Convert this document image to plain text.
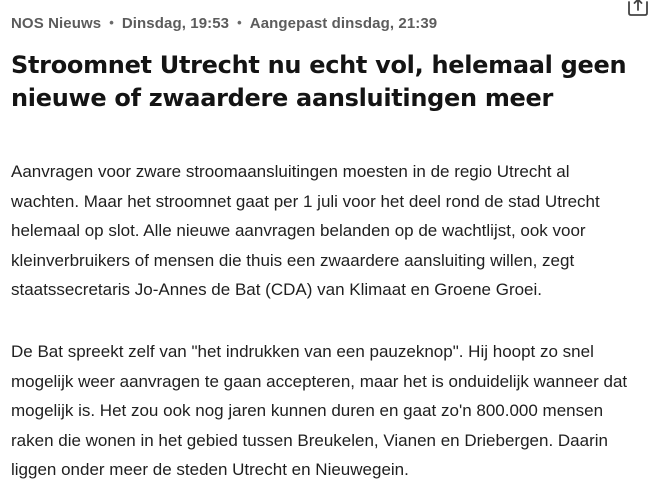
NOS Nieuws • Dinsdag, 19:53 • Aangepast dinsdag, 21:39
Stroomnet Utrecht nu echt vol, helemaal geen nieuwe of zwaardere aansluitingen meer

Aanvragen voor zware stroomaansluitingen moesten in de regio Utrecht al wachten. Maar het stroomnet gaat per 1 juli voor het deel rond de stad Utrecht helemaal op slot. Alle nieuwe aanvragen belanden op de wachtlijst, ook voor kleinverbruikers of mensen die thuis een zwaardere aansluiting willen, zegt staatssecretaris Jo-Annes de Bat (CDA) van Klimaat en Groene Groei.

De Bat spreekt zelf van "het indrukken van een pauzeknop". Hij hoopt zo snel mogelijk weer aanvragen te gaan accepteren, maar het is onduidelijk wanneer dat mogelijk is. Het zou ook nog jaren kunnen duren en gaat zo'n 800.000 mensen raken die wonen in het gebied tussen Breukelen, Vianen en Driebergen. Daarin liggen onder meer de steden Utrecht en Nieuwegein.
